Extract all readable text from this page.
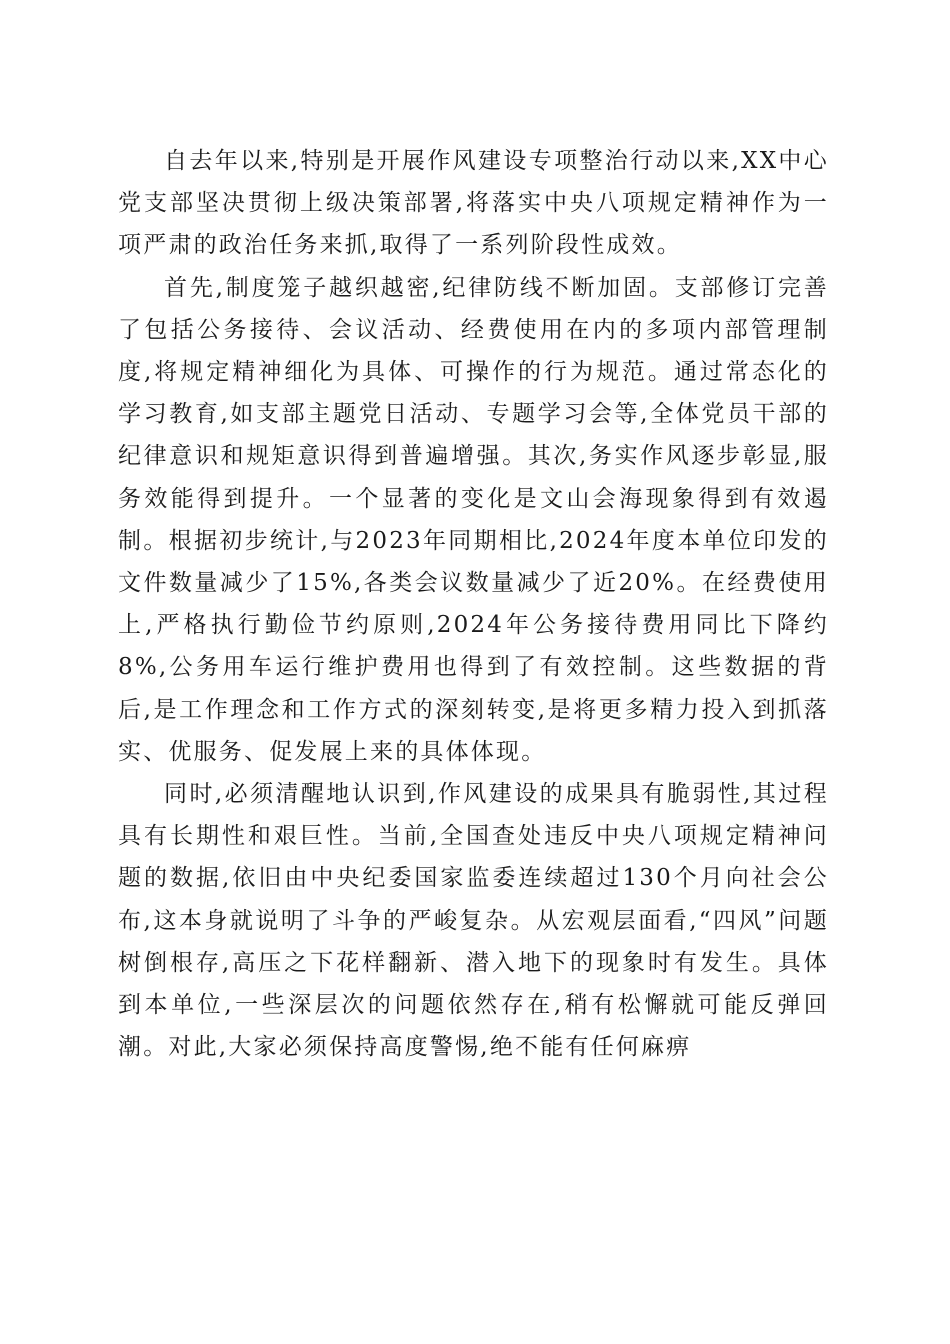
自去年以来,特别是开展作风建设专项整治行动以来,XX中心党支部坚决贯彻上级决策部署,将落实中央八项规定精神作为一项严肃的政治任务来抓,取得了一系列阶段性成效。

首先,制度笼子越织越密,纪律防线不断加固。支部修订完善了包括公务接待、会议活动、经费使用在内的多项内部管理制度,将规定精神细化为具体、可操作的行为规范。通过常态化的学习教育,如支部主题党日活动、专题学习会等,全体党员干部的纪律意识和规矩意识得到普遍增强。其次,务实作风逐步彰显,服务效能得到提升。一个显著的变化是文山会海现象得到有效遏制。根据初步统计,与2023年同期相比,2024年度本单位印发的文件数量减少了15%,各类会议数量减少了近20%。在经费使用上,严格执行勤俭节约原则,2024年公务接待费用同比下降约8%,公务用车运行维护费用也得到了有效控制。这些数据的背后,是工作理念和工作方式的深刻转变,是将更多精力投入到抓落实、优服务、促发展上来的具体体现。

同时,必须清醒地认识到,作风建设的成果具有脆弱性,其过程具有长期性和艰巨性。当前,全国查处违反中央八项规定精神问题的数据,依旧由中央纪委国家监委连续超过130个月向社会公布,这本身就说明了斗争的严峻复杂。从宏观层面看,“四风”问题树倒根存,高压之下花样翻新、潜入地下的现象时有发生。具体到本单位,一些深层次的问题依然存在,稍有松懈就可能反弹回潮。对此,大家必须保持高度警惕,绝不能有任何麻痹
